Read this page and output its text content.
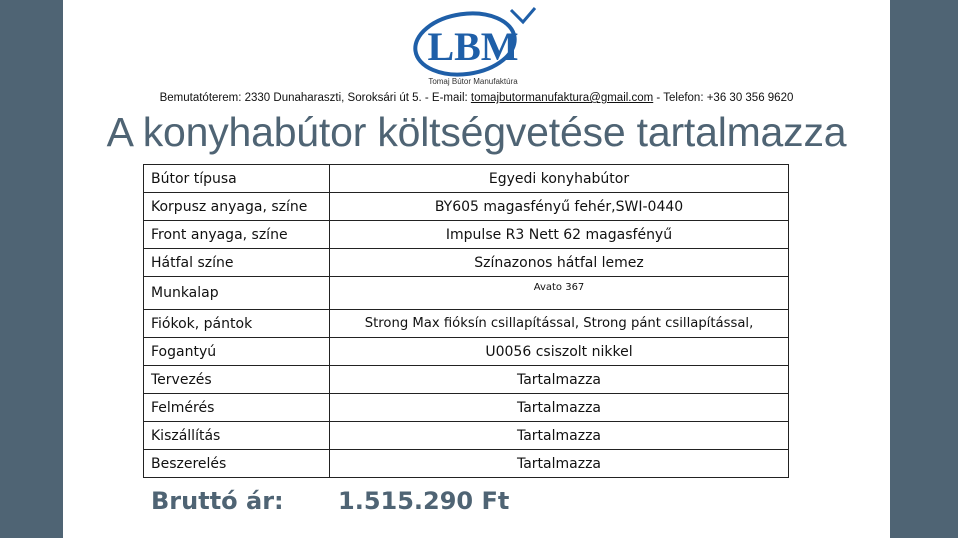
LBM
Tomaj Bútor Manufaktúra
Bemutatóterem: 2330 Dunaharaszti, Soroksári út 5. - E-mail: tomajbutormanufaktura@gmail.com - Telefon: +36 30 356 9620
A konyhabútor költségvetése tartalmazza
Bútor típusa	Egyedi konyhabútor
Korpusz anyaga, színe	BY605 magasfényű fehér,SWI-0440
Front anyaga, színe	Impulse R3 Nett 62 magasfényű
Hátfal színe	Színazonos hátfal lemez
Munkalap	Avato 367
Fiókok, pántok	Strong Max fióksín csillapítással, Strong pánt csillapítással,
Fogantyú	U0056 csiszolt nikkel
Tervezés	Tartalmazza
Felmérés	Tartalmazza
Kiszállítás	Tartalmazza
Beszerelés	Tartalmazza
Bruttó ár: 1.515.290 Ft
